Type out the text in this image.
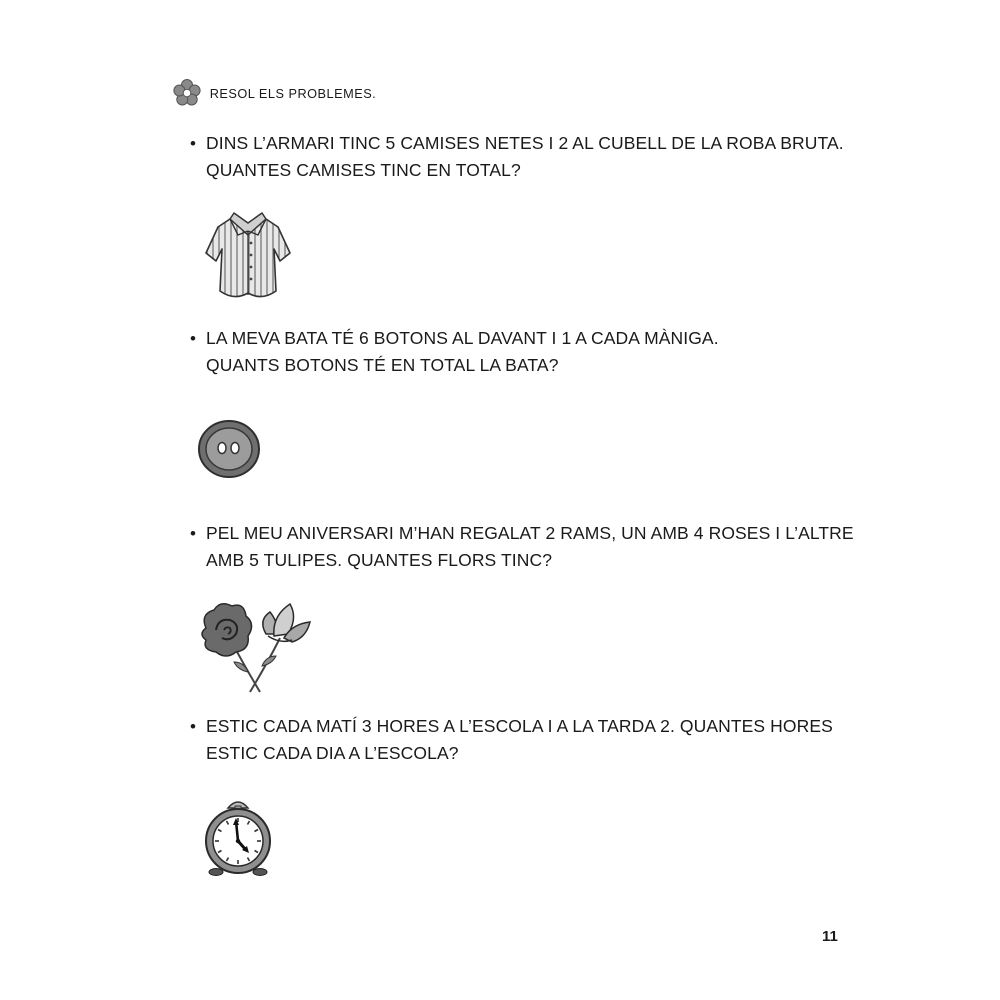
RESOL ELS PROBLEMES.
• DINS L’ARMARI TINC 5 CAMISES NETES I 2 AL CUBELL DE LA ROBA BRUTA.
QUANTES CAMISES TINC EN TOTAL?
• LA MEVA BATA TÉ 6 BOTONS AL DAVANT I 1 A CADA MÀNIGA.
QUANTS BOTONS TÉ EN TOTAL LA BATA?
• PEL MEU ANIVERSARI M’HAN REGALAT 2 RAMS, UN AMB 4 ROSES I L’ALTRE
AMB 5 TULIPES. QUANTES FLORS TINC?
• ESTIC CADA MATÍ 3 HORES A L’ESCOLA I A LA TARDA 2. QUANTES HORES
ESTIC CADA DIA A L’ESCOLA?
11
